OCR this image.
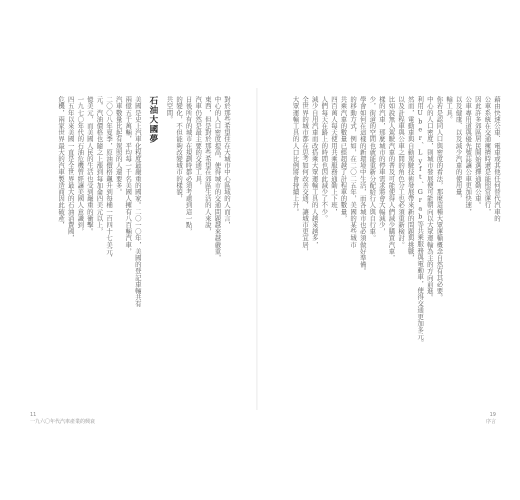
藉由快速公車、電車或其他任何替代汽車的
公車系統在交通擁擠時還是能照常運行，
因此許多郊區居民開始選擇通勤公車。
公車專用道與優先號誌讓公車更加快速，
以及健康、以及減少汽車的使用量，
輸工具。
你若是認同人口與密度的看法，那麼這種大眾運輸概念自然有其必要。
中心的人口密度，則城市發展便可能朝向以大眾運輸為主的方向前進。
利用Uber、Lyft、Grab等共乘服務與電動車，使得交通更加多元。
然而，電動車與自動駕駛技術發展帶來新的問題與挑戰，
以及計程車與公車之間的角色分工也必須重新檢討。
比如說無人駕駛汽車的普及可能使得人們減少購買汽車，
樣的汽車，那麼城市的停車需求將會大幅減少，
少，街道的空間也就能重新分配給行人與自行車。
學會如何在這樣的新環境中生活，而各城市也必須做好準備。
的移動方式，例如，在二〇二五年，美國的某些城市
共乘汽車的數量已經超越了計程車的數量，
四百萬人每天使用共乘服務通勤上下班，
人們每天在路上的時間也因此減少了不少。
減少自用汽車而改搭乘大眾運輸工具的人越來越多，
全世界的城市都在思考如何改善交通，讓城市更宜居，
大眾運輸工具的人口比例將會持續上升。
對於那些希望住在大城市中心區域的人而言，
中心的人口密度提高，使得城市的交通問題越來越嚴重，
東西，但是對於那些希望在郊區生活的人來說，
汽車仍然是最主要的交通工具，
日後所有的城市在規劃時都必須考慮到這一點，
的變化，不但能夠改變城市的樣貌，
共空間。
石油大國夢
美國是史上汽車化程度最嚴重的國家。二〇一〇年，美國的登記車輛共有
兩億五千萬輛，平均每一千名美國人擁有八百輛汽車，
汽車數量比起有駕照的人還要多。
二〇〇八年夏季，原油價格飆升到每桶一百四十七美元，
元，汽油價格也隨之上漲到每加侖四美元以上，
億美元，而美國人民的生活也受到嚴重的衝擊。
一九七〇年代的石油危機曾經讓美國人意識到，
四五年以來美國一直是全世界最大的石油消費國，
危機，兩家世界最大的汽車製造商因此破產，
11
一九六〇年代汽車產業的興衰
19
序言
